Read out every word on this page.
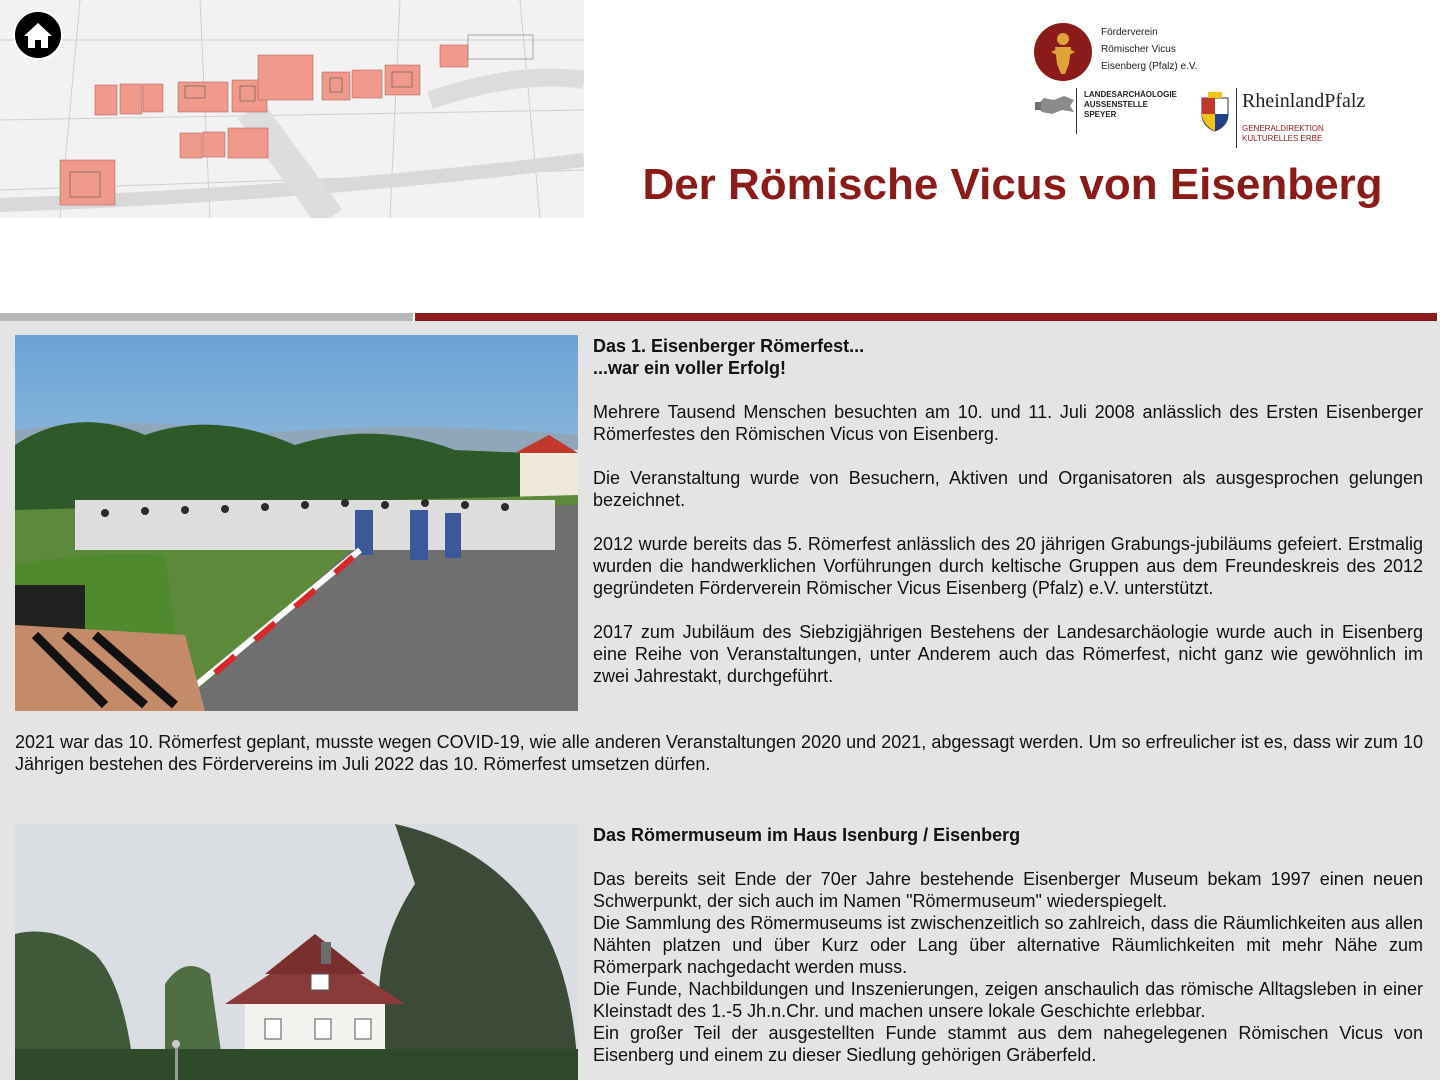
Förderverein
Römischer Vicus
Eisenberg (Pfalz) e.V.
LANDESARCHÄOLOGIE
AUSSENSTELLE
SPEYER
RheinlandPfalz
GENERALDIREKTION
KULTURELLES ERBE
Der Römische Vicus von Eisenberg
Das 1. Eisenberger Römerfest...
...war ein voller Erfolg!

Mehrere Tausend Menschen besuchten am 10. und 11. Juli 2008 anlässlich des Ersten Eisenberger Römerfestes den Römischen Vicus von Eisenberg.

Die Veranstaltung wurde von Besuchern, Aktiven und Organisatoren als ausgesprochen gelungen bezeichnet.

2012 wurde bereits das 5. Römerfest anlässlich des 20 jährigen Grabungs-jubiläums gefeiert. Erstmalig wurden die handwerklichen Vorführungen durch keltische Gruppen aus dem Freundeskreis des 2012 gegründeten Förderverein Römischer Vicus Eisenberg (Pfalz) e.V. unterstützt.

2017 zum Jubiläum des Siebzigjährigen Bestehens der Landesarchäologie wurde auch in Eisenberg eine Reihe von Veranstaltungen, unter Anderem auch das Römerfest, nicht ganz wie gewöhnlich im zwei Jahrestakt, durchgeführt.

2021 war das 10. Römerfest geplant, musste wegen COVID-19, wie alle anderen Veranstaltungen 2020 und 2021, abgessagt werden. Um so erfreulicher ist es, dass wir zum 10 Jährigen bestehen des Fördervereins im Juli 2022 das 10. Römerfest umsetzen dürfen.
Das Römermuseum im Haus Isenburg / Eisenberg
Das bereits seit Ende der 70er Jahre bestehende Eisenberger Museum bekam 1997 einen neuen Schwerpunkt, der sich auch im Namen "Römermuseum" wiederspiegelt.
Die Sammlung des Römermuseums ist zwischenzeitlich so zahlreich, dass die Räumlichkeiten aus allen Nähten platzen und über Kurz oder Lang über alternative Räumlichkeiten mit mehr Nähe zum Römerpark nachgedacht werden muss.
Die Funde, Nachbildungen und Inszenierungen, zeigen anschaulich das römische Alltagsleben in einer Kleinstadt des 1.-5 Jh.n.Chr. und machen unsere lokale Geschichte erlebbar.
Ein großer Teil der ausgestellten Funde stammt aus dem nahegelegenen Römischen Vicus von Eisenberg und einem zu dieser Siedlung gehörigen Gräberfeld.
